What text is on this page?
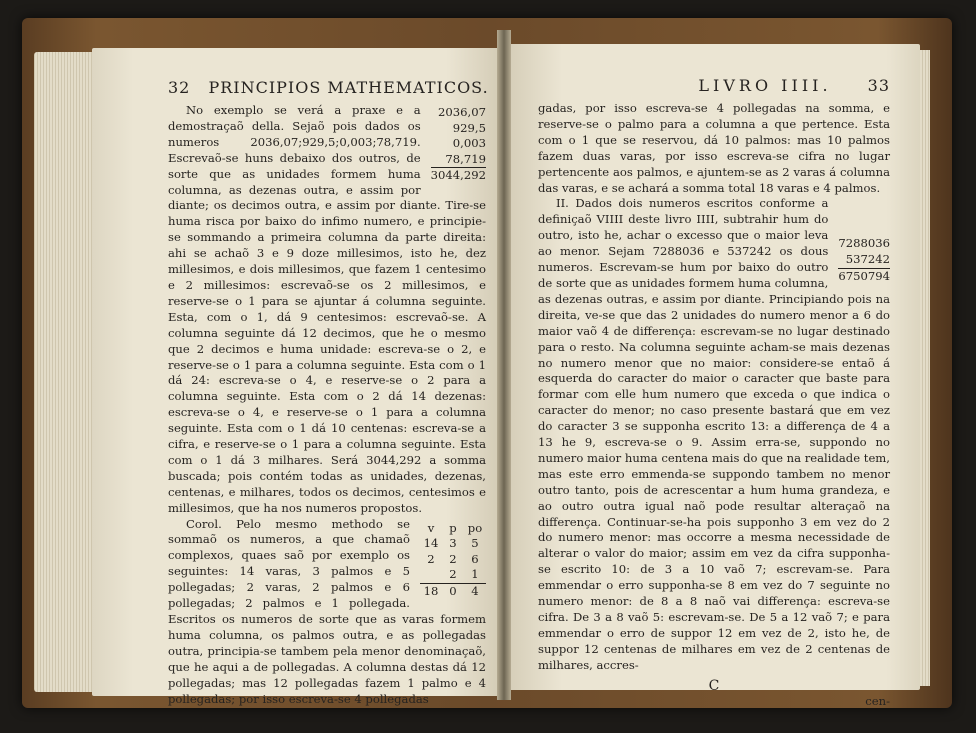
32 PRINCIPIOS MATHEMATICOS.
2036,07
929,5
0,003
78,719
3044,292

No exemplo se verá a praxe e a demostraçaõ della. Sejaõ pois dados os numeros 2036,07;929,5;0,003;78,719. Escrevaõ-se huns debaixo dos outros, de sorte que as unidades formem huma columna, as dezenas outra, e assim por diante; os decimos outra, e assim por diante. Tire-se huma risca por baixo do infimo numero, e principie-se sommando a primeira columna da parte direita: ahi se achaõ 3 e 9 doze millesimos, isto he, dez millesimos, e dois millesimos, que fazem 1 centesimo e 2 millesimos: escrevaõ-se os 2 millesimos, e reserve-se o 1 para se ajuntar á columna seguinte. Esta, com o 1, dá 9 centesimos: escrevaõ-se. A columna seguinte dá 12 decimos, que he o mesmo que 2 decimos e huma unidade: escreva-se o 2, e reserve-se o 1 para a columna seguinte. Esta com o 1 dá 24: escreva-se o 4, e reserve-se o 2 para a columna seguinte. Esta com o 2 dá 14 dezenas: escreva-se o 4, e reserve-se o 1 para a columna seguinte. Esta com o 1 dá 10 centenas: escreva-se a cifra, e reserve-se o 1 para a columna seguinte. Esta com o 1 dá 3 milhares. Será 3044,292 a somma buscada; pois contém todas as unidades, dezenas, centenas, e milhares, todos os decimos, centesimos e millesimos, que ha nos numeros propostos.

v p po
14 3 5
2 2 6
2 1
18 0 4

Corol. Pelo mesmo methodo se sommaõ os numeros, a que chamaõ complexos, quaes saõ por exemplo os seguintes: 14 varas, 3 palmos e 5 pollegadas; 2 varas, 2 palmos e 6 pollegadas; 2 palmos e 1 pollegada. Escritos os numeros de sorte que as varas formem huma columna, os palmos outra, e as pollegadas outra, principia-se tambem pela menor denominaçaõ, que he aqui a de pollegadas. A columna destas dá 12 pollegadas; mas 12 pollegadas fazem 1 palmo e 4 pollegadas; por isso escreva-se 4 pollegadas

LIVRO IIII. 33

gadas, por isso escreva-se 4 pollegadas na somma, e reserve-se o palmo para a columna a que pertence. Esta com o 1 que se reservou, dá 10 palmos: mas 10 palmos fazem duas varas, por isso escreva-se cifra no lugar pertencente aos palmos, e ajuntem-se as 2 varas á columna das varas, e se achará a somma total 18 varas e 4 palmos.

7288036
537242
6750794

II. Dados dois numeros escritos conforme a definiçaõ VIIII deste livro IIII, subtrahir hum do outro, isto he, achar o excesso que o maior leva ao menor. Sejam 7288036 e 537242 os dous numeros. Escrevam-se hum por baixo do outro de sorte que as unidades formem huma columna, as dezenas outras, e assim por diante. Principiando pois na direita, ve-se que das 2 unidades do numero menor a 6 do maior vaõ 4 de differença: escrevam-se no lugar destinado para o resto. Na columna seguinte acham-se mais dezenas no numero menor que no maior: considere-se entaõ á esquerda do caracter do maior o caracter que baste para formar com elle hum numero que exceda o que indica o caracter do menor; no caso presente bastará que em vez do caracter 3 se supponha escrito 13: a differença de 4 a 13 he 9, escreva-se o 9. Assim erra-se, suppondo no numero maior huma centena mais do que na realidade tem, mas este erro emmenda-se suppondo tambem no menor outro tanto, pois de acrescentar a hum huma grandeza, e ao outro outra igual naõ pode resultar alteraçaõ na differença. Continuar-se-ha pois supponho 3 em vez do 2 do numero menor: mas occorre a mesma necessidade de alterar o valor do maior; assim em vez da cifra supponha-se escrito 10: de 3 a 10 vaõ 7; escrevam-se. Para emmendar o erro supponha-se 8 em vez do 7 seguinte no numero menor: de 8 a 8 naõ vai differença: escreva-se cifra. De 3 a 8 vaõ 5: escrevam-se. De 5 a 12 vaõ 7; e para emmendar o erro de suppor 12 em vez de 2, isto he, de suppor 12 centenas de milhares em vez de 2 centenas de milhares, accres-

C
cen-
